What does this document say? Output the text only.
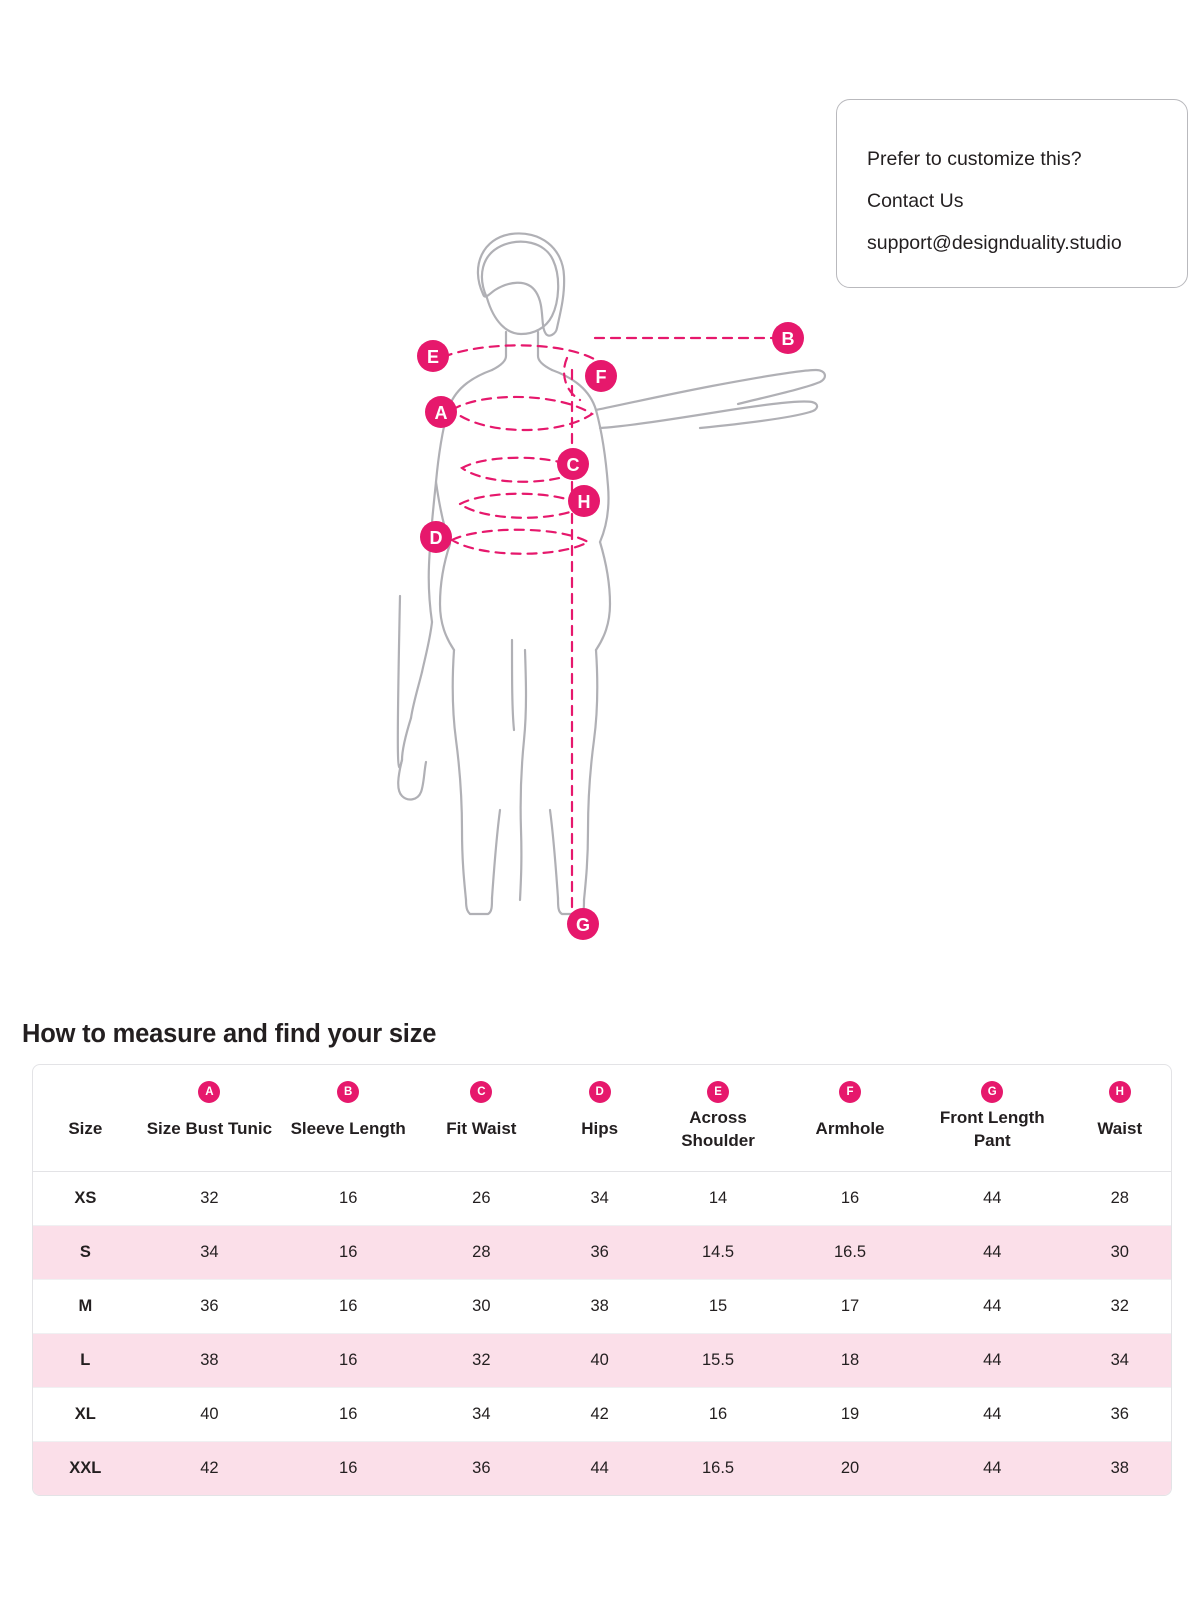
Prefer to customize this?
Contact Us
support@designduality.studio
E
B
F
A
C
H
D
G
How to measure and find your size
	A	B	C	D	E	F	G	H
Size	Size Bust Tunic	Sleeve Length	Fit Waist	Hips	Across Shoulder	Armhole	Front Length Pant	Waist
XS	32	16	26	34	14	16	44	28
S	34	16	28	36	14.5	16.5	44	30
M	36	16	30	38	15	17	44	32
L	38	16	32	40	15.5	18	44	34
XL	40	16	34	42	16	19	44	36
XXL	42	16	36	44	16.5	20	44	38
